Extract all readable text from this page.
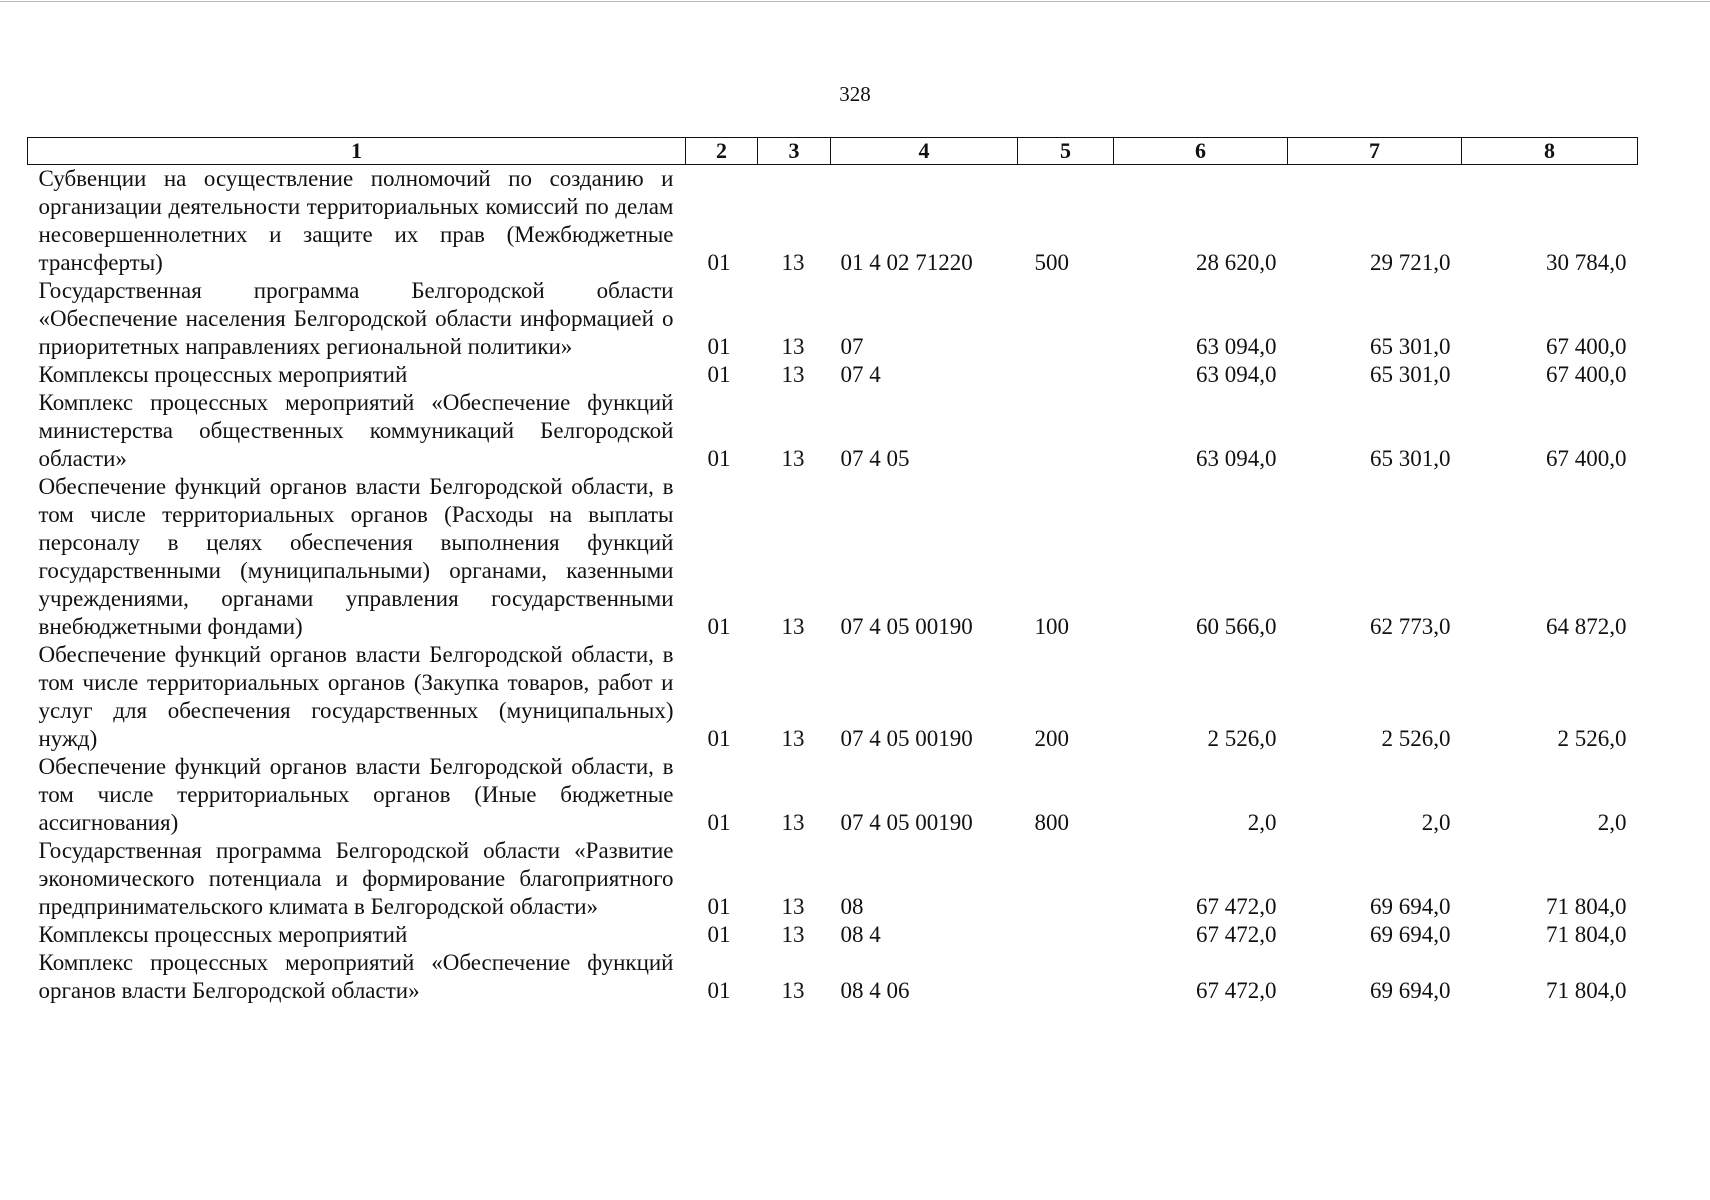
328
1	2	3	4	5	6	7	8
Субвенции на осуществление полномочий по созданию и организации деятельности территориальных комиссий по делам несовершеннолетних и защите их прав (Межбюджетные трансферты)	01	13	01 4 02 71220	500	28 620,0	29 721,0	30 784,0
Государственная программа Белгородской области «Обеспечение населения Белгородской области информацией о приоритетных направлениях региональной политики»	01	13	07		63 094,0	65 301,0	67 400,0
Комплексы процессных мероприятий	01	13	07 4		63 094,0	65 301,0	67 400,0
Комплекс процессных мероприятий «Обеспечение функций министерства общественных коммуникаций Белгородской области»	01	13	07 4 05		63 094,0	65 301,0	67 400,0
Обеспечение функций органов власти Белгородской области, в том числе территориальных органов (Расходы на выплаты персоналу в целях обеспечения выполнения функций государственными (муниципальными) органами, казенными учреждениями, органами управления государственными внебюджетными фондами)	01	13	07 4 05 00190	100	60 566,0	62 773,0	64 872,0
Обеспечение функций органов власти Белгородской области, в том числе территориальных органов (Закупка товаров, работ и услуг для обеспечения государственных (муниципальных) нужд)	01	13	07 4 05 00190	200	2 526,0	2 526,0	2 526,0
Обеспечение функций органов власти Белгородской области, в том числе территориальных органов (Иные бюджетные ассигнования)	01	13	07 4 05 00190	800	2,0	2,0	2,0
Государственная программа Белгородской области «Развитие экономического потенциала и формирование благоприятного предпринимательского климата в Белгородской области»	01	13	08		67 472,0	69 694,0	71 804,0
Комплексы процессных мероприятий	01	13	08 4		67 472,0	69 694,0	71 804,0
Комплекс процессных мероприятий «Обеспечение функций органов власти Белгородской области»	01	13	08 4 06		67 472,0	69 694,0	71 804,0
